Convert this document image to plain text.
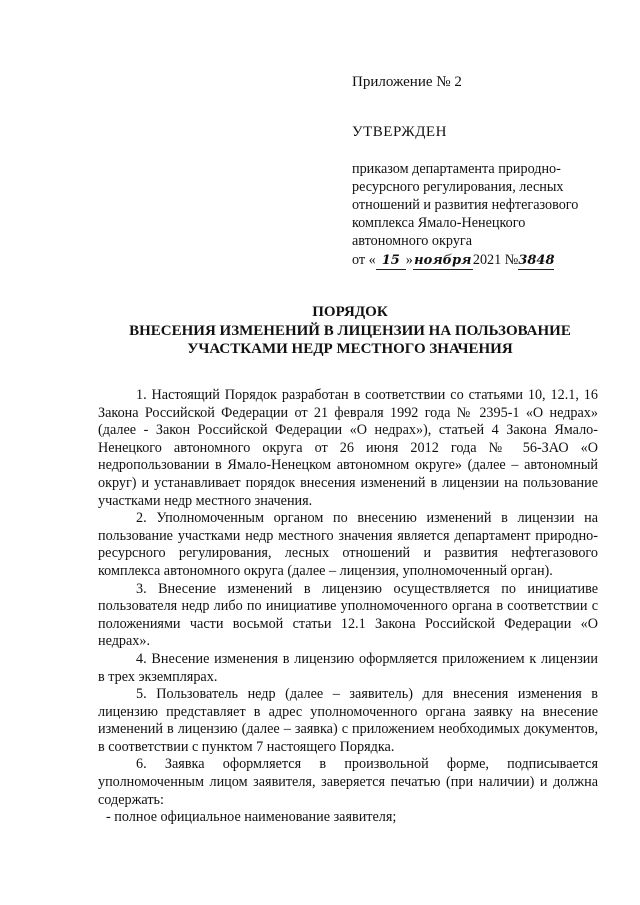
Приложение № 2
УТВЕРЖДЕН
приказом департамента природно-
ресурсного регулирования, лесных
отношений и развития нефтегазового
комплекса Ямало-Ненецкого
автономного округа
от « 15 »ноября2021 №3848
ПОРЯДОК
ВНЕСЕНИЯ ИЗМЕНЕНИЙ В ЛИЦЕНЗИИ НА ПОЛЬЗОВАНИЕ
УЧАСТКАМИ НЕДР МЕСТНОГО ЗНАЧЕНИЯ

1. Настоящий Порядок разработан в соответствии со статьями 10, 12.1, 16 Закона Российской Федерации от 21 февраля 1992 года № 2395-1 «О недрах» (далее - Закон Российской Федерации «О недрах»), статьей 4 Закона Ямало-Ненецкого автономного округа от 26 июня 2012 года № 56-ЗАО «О недропользовании в Ямало-Ненецком автономном округе» (далее – автономный округ) и устанавливает порядок внесения изменений в лицензии на пользование участками недр местного значения.

2. Уполномоченным органом по внесению изменений в лицензии на пользование участками недр местного значения является департамент природно-ресурсного регулирования, лесных отношений и развития нефтегазового комплекса автономного округа (далее – лицензия, уполномоченный орган).

3. Внесение изменений в лицензию осуществляется по инициативе пользователя недр либо по инициативе уполномоченного органа в соответствии с положениями части восьмой статьи 12.1 Закона Российской Федерации «О недрах».

4. Внесение изменения в лицензию оформляется приложением к лицензии в трех экземплярах.

5. Пользователь недр (далее – заявитель) для внесения изменения в лицензию представляет в адрес уполномоченного органа заявку на внесение изменений в лицензию (далее – заявка) с приложением необходимых документов, в соответствии с пунктом 7 настоящего Порядка.

6. Заявка оформляется в произвольной форме, подписывается уполномоченным лицом заявителя, заверяется печатью (при наличии) и должна содержать:

- полное официальное наименование заявителя;
